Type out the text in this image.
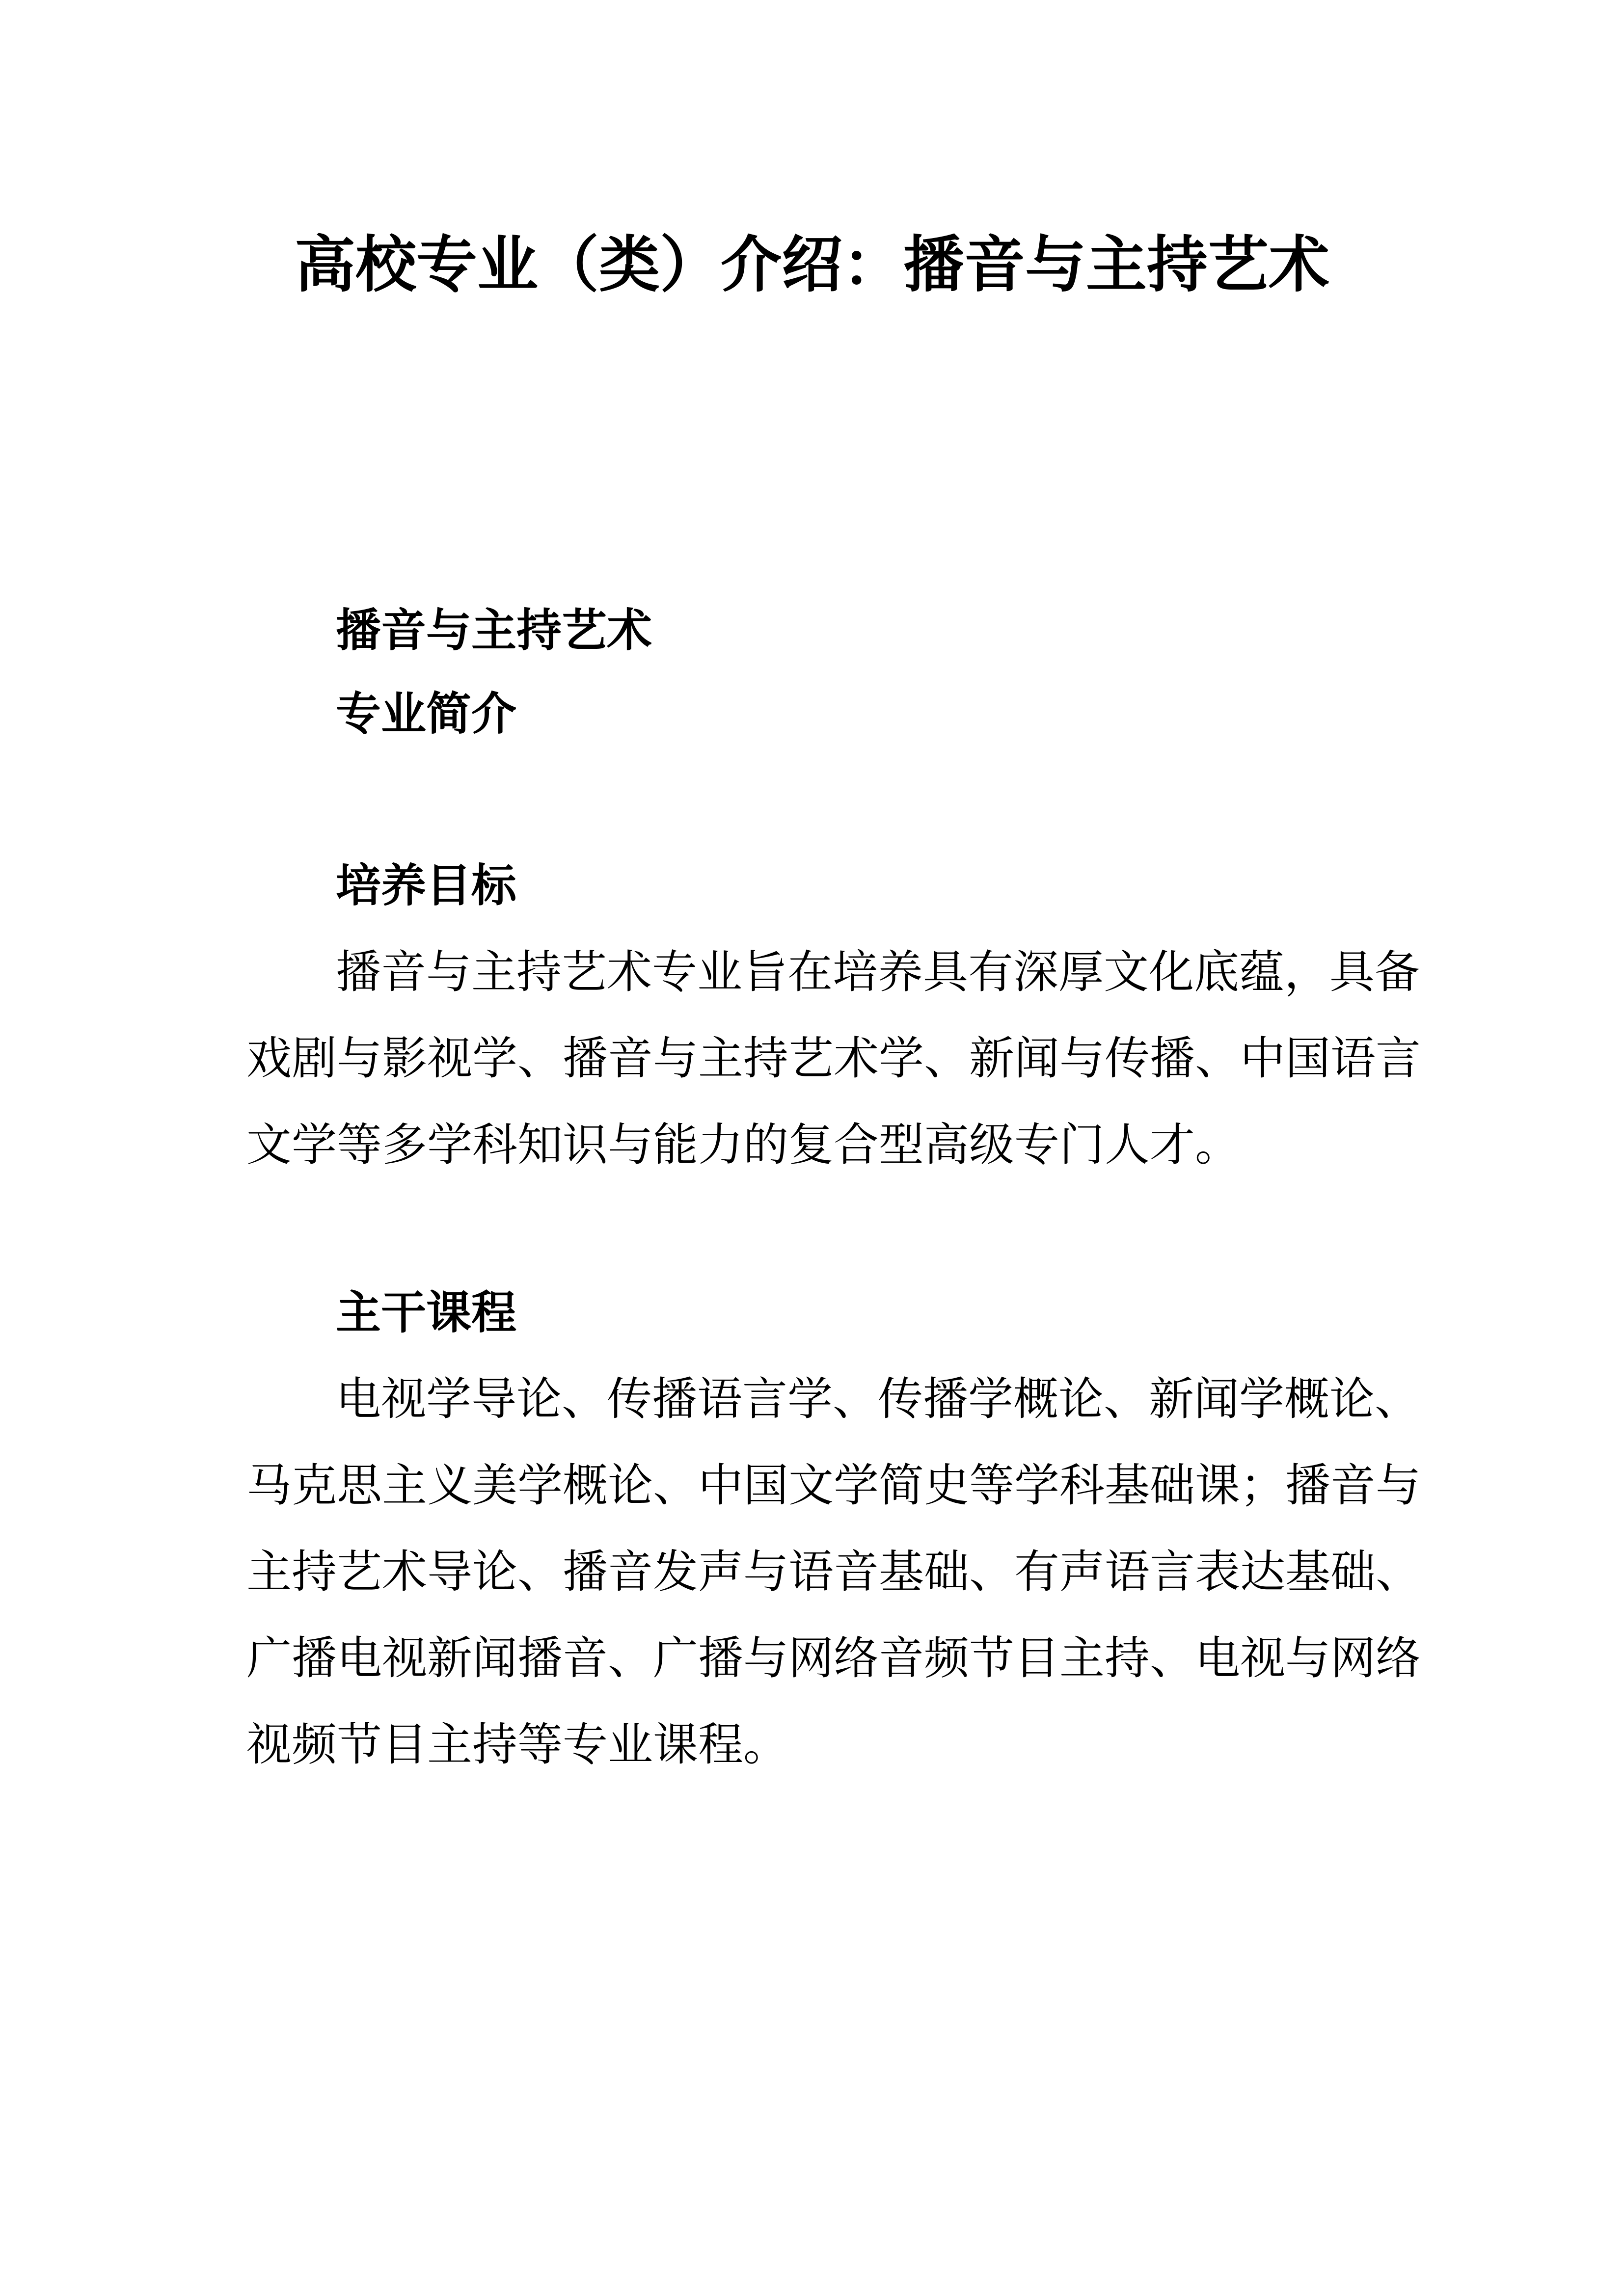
高校专业（类）介绍：播音与主持艺术
播音与主持艺术
专业简介
培养目标
播音与主持艺术专业旨在培养具有深厚文化底蕴，具备
戏剧与影视学、播音与主持艺术学、新闻与传播、中国语言
文学等多学科知识与能力的复合型高级专门人才。
主干课程
电视学导论、传播语言学、传播学概论、新闻学概论、
马克思主义美学概论、中国文学简史等学科基础课；播音与
主持艺术导论、播音发声与语音基础、有声语言表达基础、
广播电视新闻播音、广播与网络音频节目主持、电视与网络
视频节目主持等专业课程。
